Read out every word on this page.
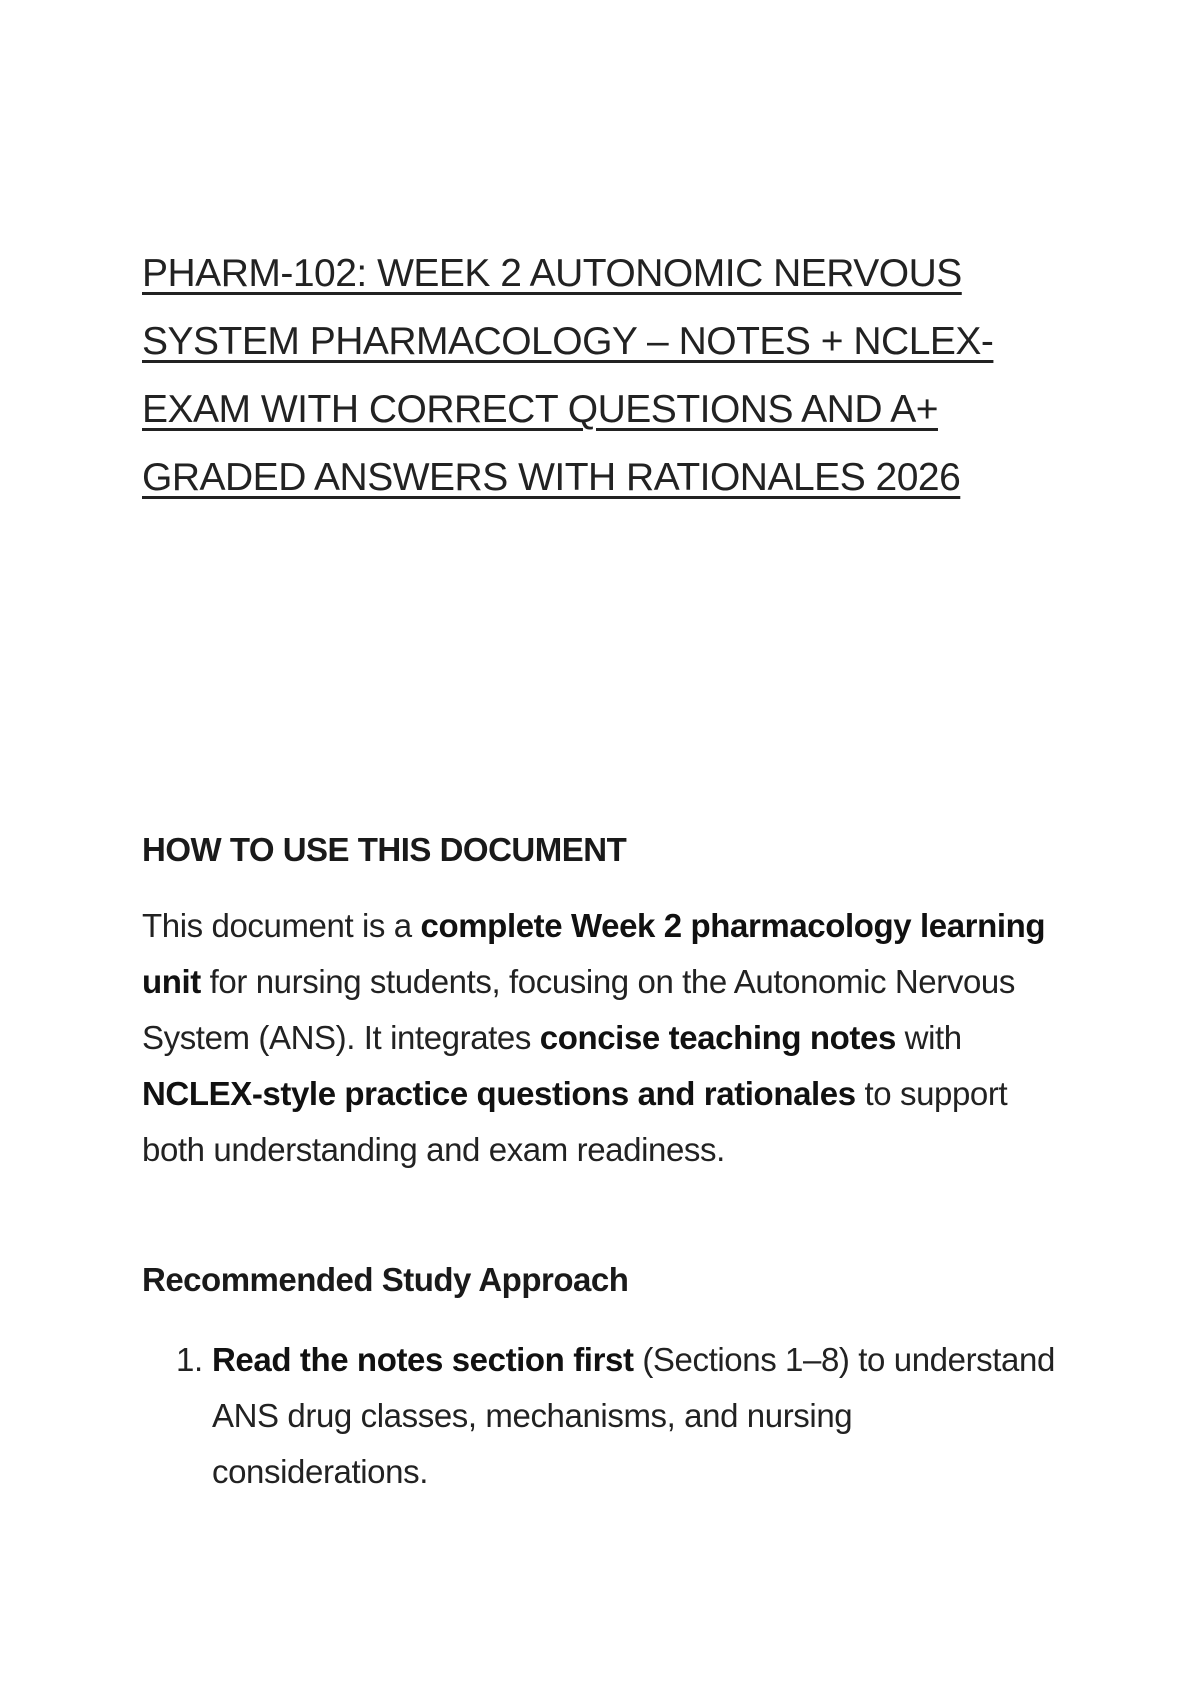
PHARM-102: WEEK 2 AUTONOMIC NERVOUS
SYSTEM PHARMACOLOGY – NOTES + NCLEX-
EXAM WITH CORRECT QUESTIONS AND A+
GRADED ANSWERS WITH RATIONALES 2026
HOW TO USE THIS DOCUMENT

This document is a complete Week 2 pharmacology learning unit for nursing students, focusing on the Autonomic Nervous System (ANS). It integrates concise teaching notes with NCLEX-style practice questions and rationales to support both understanding and exam readiness.

Recommended Study Approach
1. Read the notes section first (Sections 1–8) to understand ANS drug classes, mechanisms, and nursing considerations.
